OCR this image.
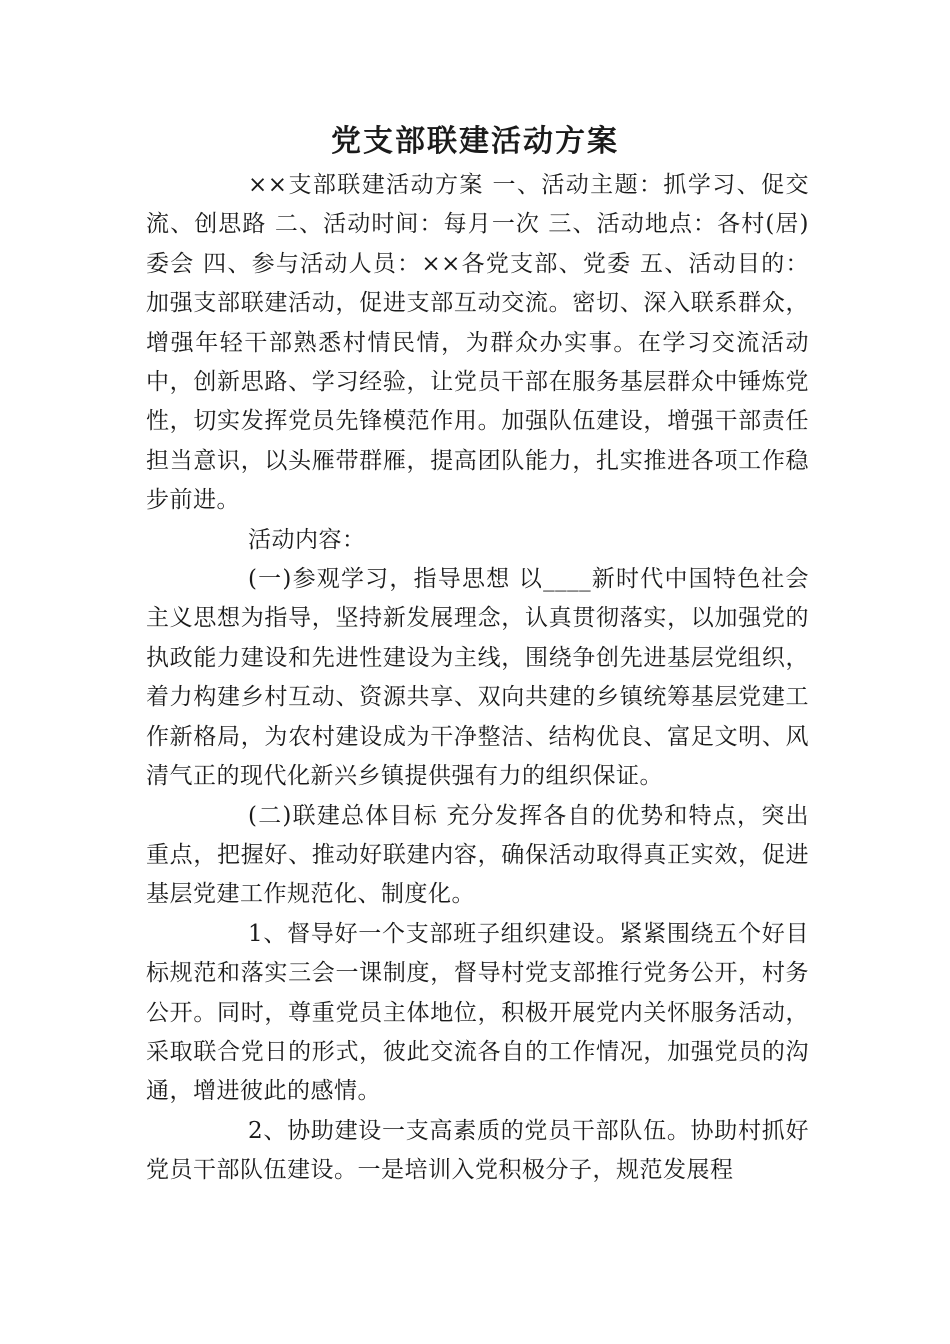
党支部联建活动方案

××支部联建活动方案 一、活动主题：抓学习、促交流、创思路 二、活动时间：每月一次 三、活动地点：各村(居)委会 四、参与活动人员：××各党支部、党委 五、活动目的：加强支部联建活动，促进支部互动交流。密切、深入联系群众，增强年轻干部熟悉村情民情，为群众办实事。在学习交流活动中，创新思路、学习经验，让党员干部在服务基层群众中锤炼党性，切实发挥党员先锋模范作用。加强队伍建设，增强干部责任担当意识，以头雁带群雁，提高团队能力，扎实推进各项工作稳步前进。

活动内容：

(一)参观学习，指导思想 以____新时代中国特色社会主义思想为指导，坚持新发展理念，认真贯彻落实，以加强党的执政能力建设和先进性建设为主线，围绕争创先进基层党组织，着力构建乡村互动、资源共享、双向共建的乡镇统筹基层党建工作新格局，为农村建设成为干净整洁、结构优良、富足文明、风清气正的现代化新兴乡镇提供强有力的组织保证。

(二)联建总体目标 充分发挥各自的优势和特点，突出重点，把握好、推动好联建内容，确保活动取得真正实效，促进基层党建工作规范化、制度化。

1、督导好一个支部班子组织建设。紧紧围绕五个好目标规范和落实三会一课制度，督导村党支部推行党务公开，村务公开。同时，尊重党员主体地位，积极开展党内关怀服务活动，采取联合党日的形式，彼此交流各自的工作情况，加强党员的沟通，增进彼此的感情。

2、协助建设一支高素质的党员干部队伍。协助村抓好党员干部队伍建设。一是培训入党积极分子，规范发展程
